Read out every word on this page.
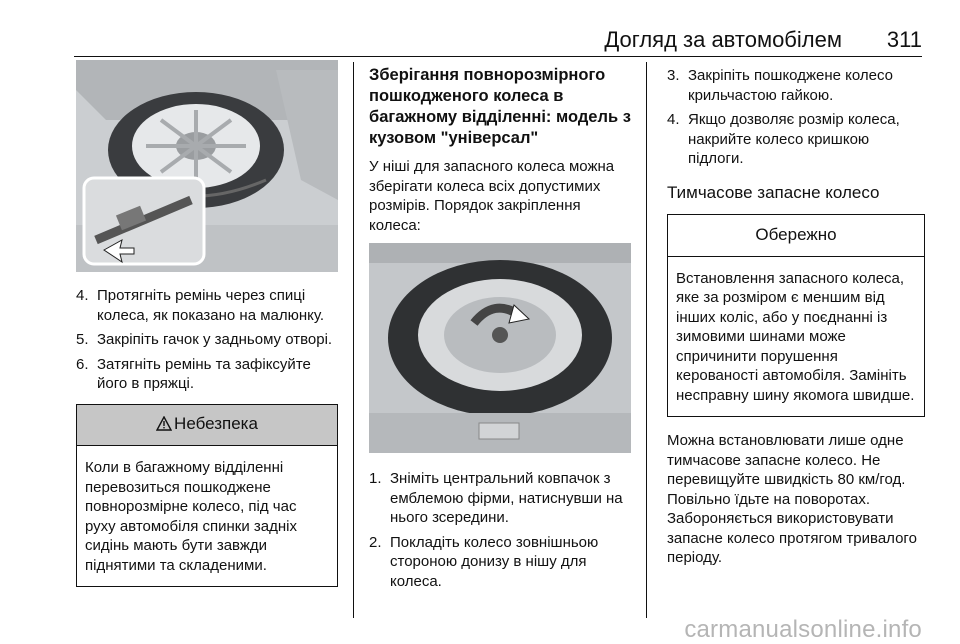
Догляд за автомобілем 311
4. Протягніть ремінь через спиці колеса, як показано на малюнку.
5. Закріпіть гачок у задньому отворі.
6. Затягніть ремінь та зафіксуйте його в пряжці.
Небезпека
Коли в багажному відділенні перевозиться пошкоджене повнорозмірне колесо, під час руху автомобіля спинки задніх сидінь мають бути завжди піднятими та складеними.
Зберігання повнорозмірного пошкодженого колеса в багажному відділенні: модель з кузовом "універсал"

У ніші для запасного колеса можна зберігати колеса всіх допустимих розмірів. Порядок закріплення колеса:

1. Зніміть центральний ковпачок з емблемою фірми, натиснувши на нього зсередини.
2. Покладіть колесо зовнішньою стороною донизу в нішу для колеса.
3. Закріпіть пошкоджене колесо крильчастою гайкою.
4. Якщо дозволяє розмір колеса, накрийте колесо кришкою підлоги.
Тимчасове запасне колесо
Обережно
Встановлення запасного колеса, яке за розміром є меншим від інших коліс, або у поєднанні із зимовими шинами може спричинити порушення керованості автомобіля. Замініть несправну шину якомога швидше.

Можна встановлювати лише одне тимчасове запасне колесо. Не перевищуйте швидкість 80 км/год. Повільно їдьте на поворотах. Забороняється використовувати запасне колесо протягом тривалого періоду.

carmanualsonline.info
